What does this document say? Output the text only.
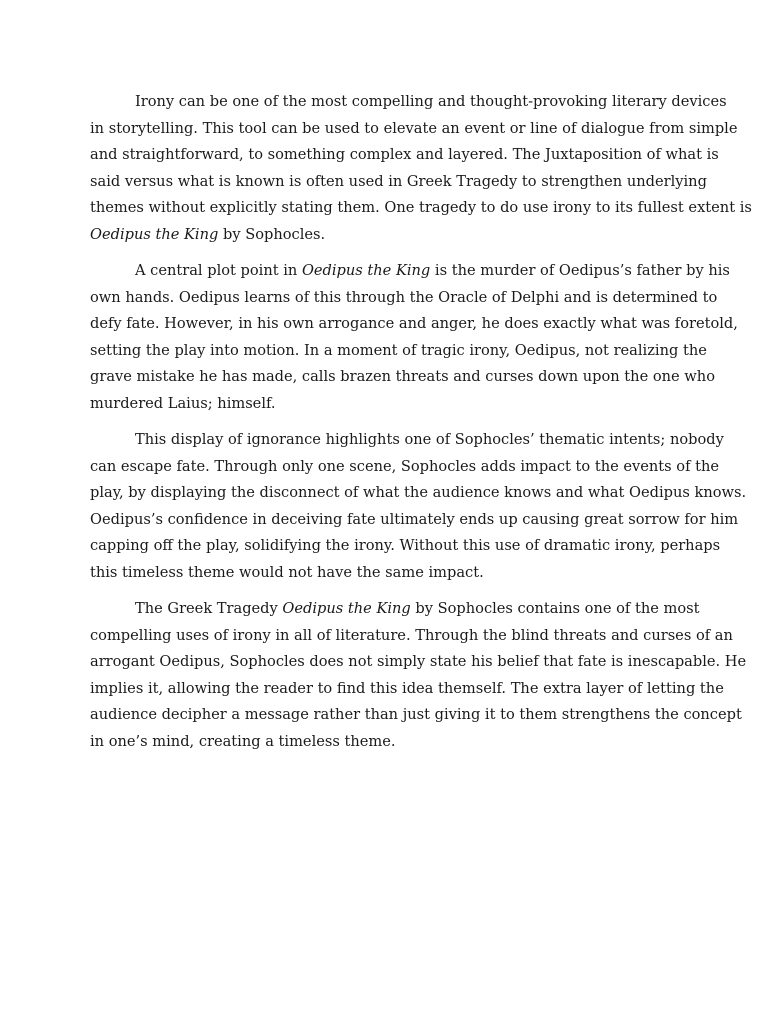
Irony can be one of the most compelling and thought-provoking literary devices
in storytelling. This tool can be used to elevate an event or line of dialogue from simple
and straightforward, to something complex and layered. The Juxtaposition of what is
said versus what is known is often used in Greek Tragedy to strengthen underlying
themes without explicitly stating them. One tragedy to do use irony to its fullest extent is
Oedipus the King by Sophocles.

A central plot point in Oedipus the King is the murder of Oedipus’s father by his
own hands. Oedipus learns of this through the Oracle of Delphi and is determined to
defy fate. However, in his own arrogance and anger, he does exactly what was foretold,
setting the play into motion. In a moment of tragic irony, Oedipus, not realizing the
grave mistake he has made, calls brazen threats and curses down upon the one who
murdered Laius; himself.

This display of ignorance highlights one of Sophocles’ thematic intents; nobody
can escape fate. Through only one scene, Sophocles adds impact to the events of the
play, by displaying the disconnect of what the audience knows and what Oedipus knows.
Oedipus’s confidence in deceiving fate ultimately ends up causing great sorrow for him
capping off the play, solidifying the irony. Without this use of dramatic irony, perhaps
this timeless theme would not have the same impact.

The Greek Tragedy Oedipus the King by Sophocles contains one of the most
compelling uses of irony in all of literature. Through the blind threats and curses of an
arrogant Oedipus, Sophocles does not simply state his belief that fate is inescapable. He
implies it, allowing the reader to find this idea themself. The extra layer of letting the
audience decipher a message rather than just giving it to them strengthens the concept
in one’s mind, creating a timeless theme.
